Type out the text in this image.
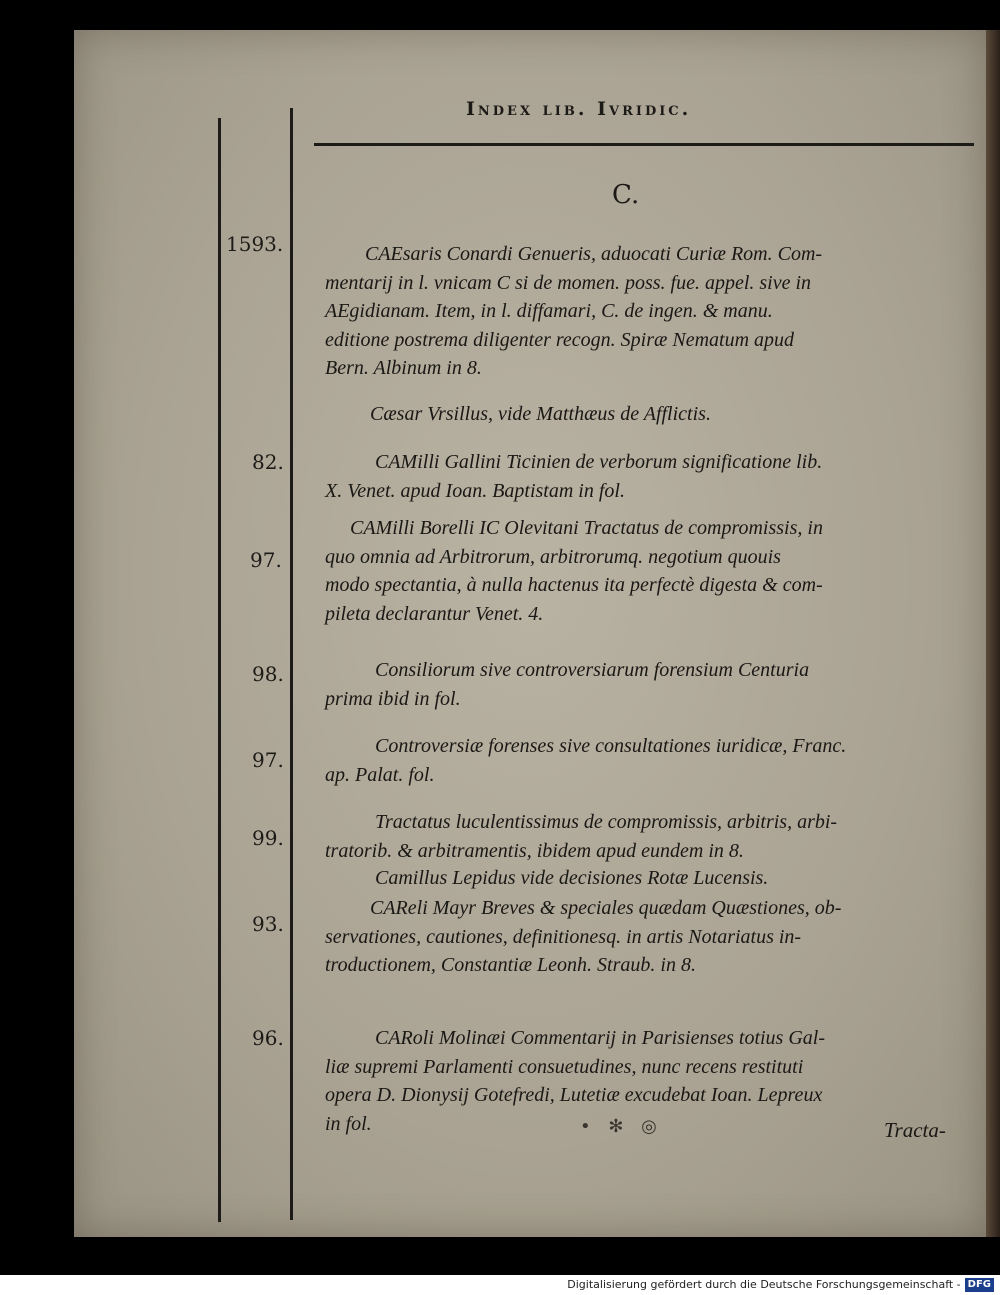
Index lib. Ivridic.
C.
1593.
82.
97.
98.
97.
99.
93.
96.

CAEsaris Conardi Genueris, aduocati Curiæ Rom. Com-

mentarij in l. vnicam C si de momen. poss. fue. appel. sive in

AEgidianam. Item, in l. diffamari, C. de ingen. & manu.

editione postrema diligenter recogn. Spiræ Nematum apud

Bern. Albinum in 8.

Cæsar Vrsillus, vide Matthæus de Afflictis.

CAMilli Gallini Ticinien de verborum significatione lib.

X. Venet. apud Ioan. Baptistam in fol.

CAMilli Borelli IC Olevitani Tractatus de compromissis, in

quo omnia ad Arbitrorum, arbitrorumq. negotium quouis

modo spectantia, à nulla hactenus ita perfectè digesta & com-

pileta declarantur Venet. 4.

Consiliorum sive controversiarum forensium Centuria

prima ibid in fol.

Controversiæ forenses sive consultationes iuridicæ, Franc.

ap. Palat. fol.

Tractatus luculentissimus de compromissis, arbitris, arbi-

tratorib. & arbitramentis, ibidem apud eundem in 8.

Camillus Lepidus vide decisiones Rotæ Lucensis.

CAReli Mayr Breves & speciales quædam Quæstiones, ob-

servationes, cautiones, definitionesq. in artis Notariatus in-

troductionem, Constantiæ Leonh. Straub. in 8.

CARoli Molinæi Commentarij in Parisienses totius Gal-

liæ supremi Parlamenti consuetudines, nunc recens restituti

opera D. Dionysij Gotefredi, Lutetiæ excudebat Ioan. Lepreux

in fol.	• ✻ ◎	Tracta-
Digitalisierung gefördert durch die Deutsche Forschungsgemeinschaft - DFG
